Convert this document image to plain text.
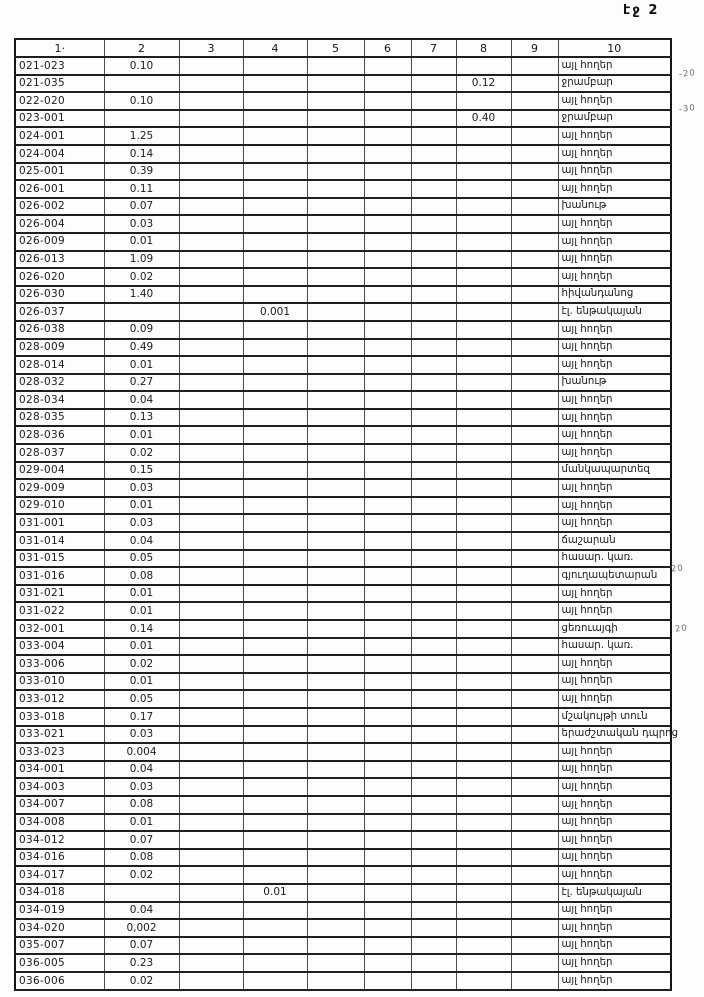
էջ 2
1·	2	3	4	5	6	7	8	9	10
021-023	0.10								այլ հողեր
021-035							0.12		ջրամբար
022-020	0.10								այլ հողեր
023-001							0.40		ջրամբար
024-001	1.25								այլ հողեր
024-004	0.14								այլ հողեր
025-001	0.39								այլ հողեր
026-001	0.11								այլ հողեր
026-002	0.07								խանութ
026-004	0.03								այլ հողեր
026-009	0.01								այլ հողեր
026-013	1.09								այլ հողեր
026-020	0.02								այլ հողեր
026-030	1.40								հիվանդանոց
026-037			0.001						էլ. ենթակայան
026-038	0.09								այլ հողեր
028-009	0.49								այլ հողեր
028-014	0.01								այլ հողեր
028-032	0.27								խանութ
028-034	0.04								այլ հողեր
028-035	0.13								այլ հողեր
028-036	0.01								այլ հողեր
028-037	0.02								այլ հողեր
029-004	0.15								մանկապարտեզ
029-009	0.03								այլ հողեր
029-010	0.01								այլ հողեր
031-001	0.03								այլ հողեր
031-014	0.04								ճաշարան
031-015	0.05								հասար. կառ.
031-016	0.08								գյուղապետարան
031-021	0.01								այլ հողեր
031-022	0.01								այլ հողեր
032-001	0.14								ցեռուայգի
033-004	0.01								հասար. կառ.
033-006	0.02								այլ հողեր
033-010	0.01								այլ հողեր
033-012	0.05								այլ հողեր
033-018	0.17								մշակույթի տուն
033-021	0.03								երաժշտական դպրոց
033-023	0.004								այլ հողեր
034-001	0.04								այլ հողեր
034-003	0.03								այլ հողեր
034-007	0.08								այլ հողեր
034-008	0.01								այլ հողեր
034-012	0.07								այլ հողեր
034-016	0.08								այլ հողեր
034-017	0.02								այլ հողեր
034-018			0.01						էլ. ենթակայան
034-019	0.04								այլ հողեր
034-020	0,002								այլ հողեր
035-007	0.07								այլ հողեր
036-005	0.23								այլ հողեր
036-006	0.02								այլ հողեր
-20
-30
20
20
